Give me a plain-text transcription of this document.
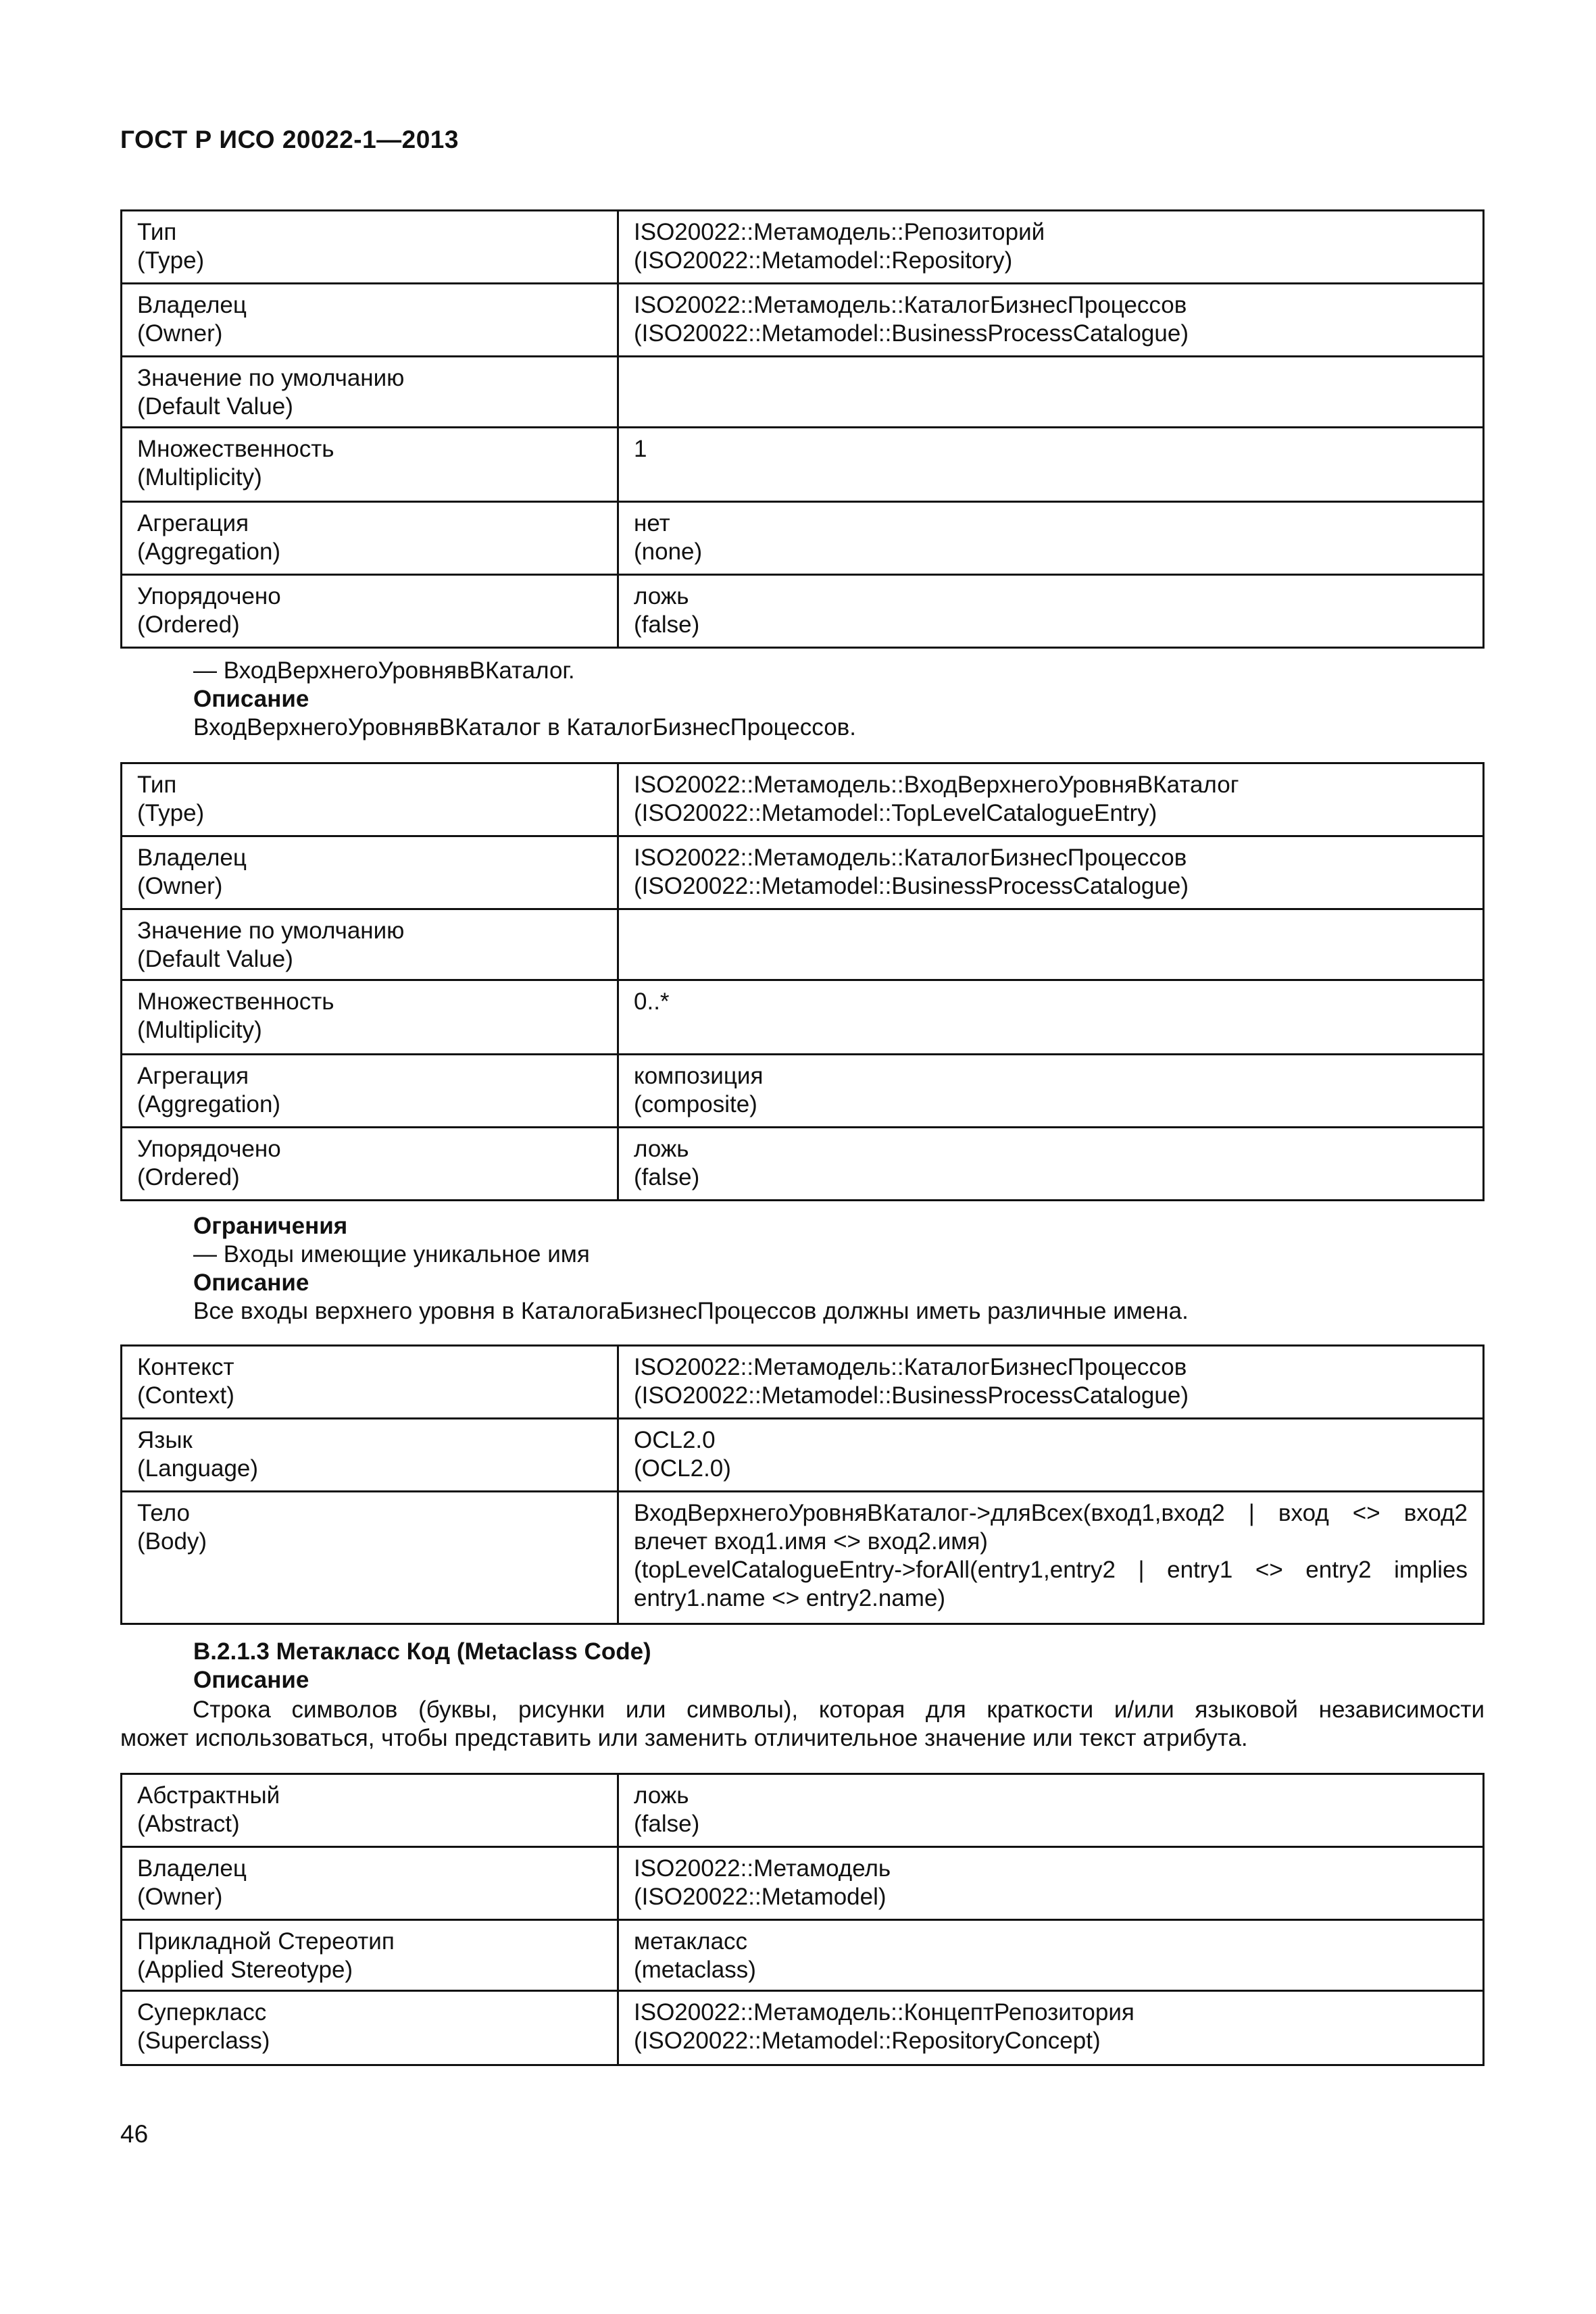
ГОСТ Р ИСО 20022-1—2013
Тип
(Type)	ISO20022::Метамодель::Репозиторий
(ISO20022::Metamodel::Repository)

Владелец
(Owner)	ISO20022::Метамодель::КаталогБизнесПроцессов
(ISO20022::Metamodel::BusinessProcessCatalogue)

Значение по умолчанию
(Default Value)	

Множественность
(Multiplicity)	1

Агрегация
(Aggregation)	нет
(none)

Упорядочено
(Ordered)	ложь
(false)
— ВходВерхнегоУровнявВКаталог.
Описание
ВходВерхнегоУровнявВКаталог в КаталогБизнесПроцессов.
Тип
(Type)	ISO20022::Метамодель::ВходВерхнегоУровняВКаталог
(ISO20022::Metamodel::TopLevelCatalogueEntry)

Владелец
(Owner)	ISO20022::Метамодель::КаталогБизнесПроцессов
(ISO20022::Metamodel::BusinessProcessCatalogue)

Значение по умолчанию
(Default Value)	

Множественность
(Multiplicity)	0..*

Агрегация
(Aggregation)	композиция
(composite)

Упорядочено
(Ordered)	ложь
(false)
Ограничения
— Входы имеющие уникальное имя
Описание
Все входы верхнего уровня в КаталогаБизнесПроцессов должны иметь различные имена.
Контекст
(Context)	ISO20022::Метамодель::КаталогБизнесПроцессов
(ISO20022::Metamodel::BusinessProcessCatalogue)

Язык
(Language)	OCL2.0
(OCL2.0)

Тело
(Body)	ВходВерхнегоУровняВКаталог->дляВсех(вход1,вход2 | вход <> вход2
влечет вход1.имя <> вход2.имя)
(topLevelCatalogueEntry->forAll(entry1,entry2 | entry1 <> entry2 implies
entry1.name <> entry2.name)
B.2.1.3 Метакласс Код (Metaclass Code)
Описание
Строка символов (буквы, рисунки или символы), которая для краткости и/или языковой независимости
может использоваться, чтобы представить или заменить отличительное значение или текст атрибута.
Абстрактный
(Abstract)	ложь
(false)

Владелец
(Owner)	ISO20022::Метамодель
(ISO20022::Metamodel)

Прикладной Стереотип
(Applied Stereotype)	метакласс
(metaclass)

Суперкласс
(Superclass)	ISO20022::Метамодель::КонцептРепозитория
(ISO20022::Metamodel::RepositoryConcept)
46
